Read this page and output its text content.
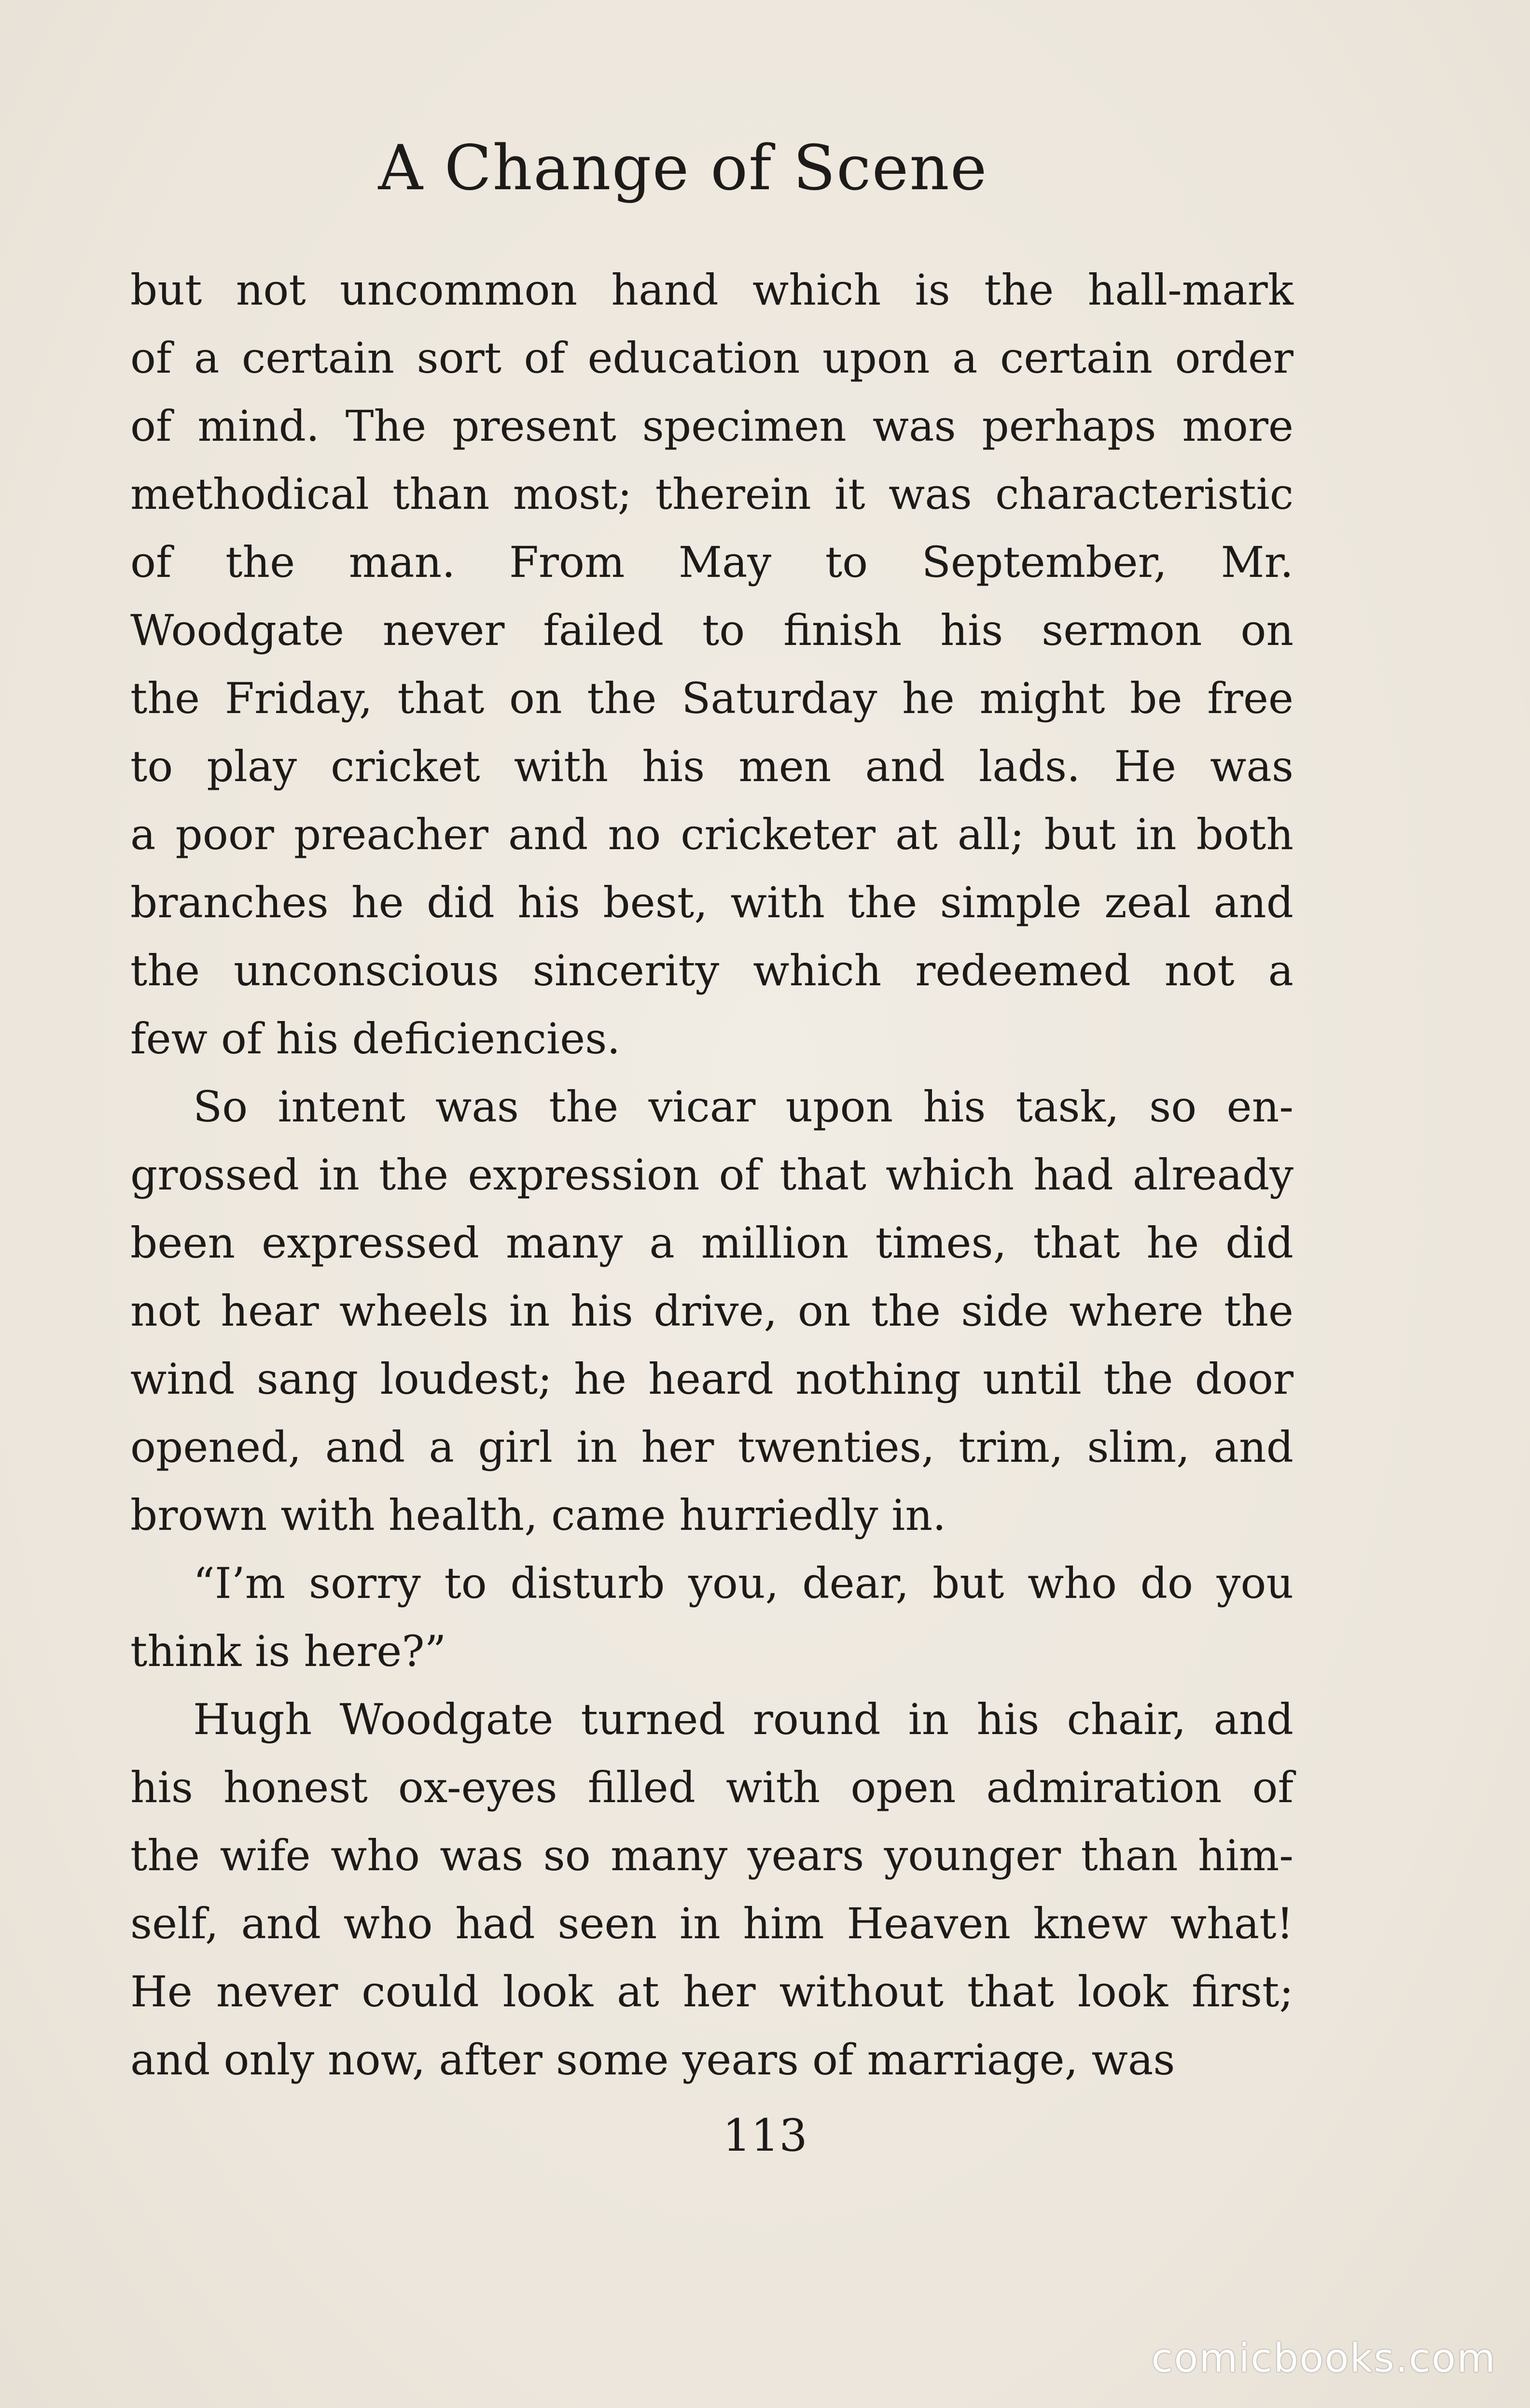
A Change of Scene

but not uncommon hand which is the hall-mark
of a certain sort of education upon a certain order
of mind. The present specimen was perhaps more
methodical than most; therein it was characteristic
of the man. From May to September, Mr.
Woodgate never failed to finish his sermon on
the Friday, that on the Saturday he might be free
to play cricket with his men and lads. He was
a poor preacher and no cricketer at all; but in both
branches he did his best, with the simple zeal and
the unconscious sincerity which redeemed not a
few of his deficiencies.

So intent was the vicar upon his task, so en-
grossed in the expression of that which had already
been expressed many a million times, that he did
not hear wheels in his drive, on the side where the
wind sang loudest; he heard nothing until the door
opened, and a girl in her twenties, trim, slim, and
brown with health, came hurriedly in.

“I’m sorry to disturb you, dear, but who do you
think is here?”

Hugh Woodgate turned round in his chair, and
his honest ox-eyes filled with open admiration of
the wife who was so many years younger than him-
self, and who had seen in him Heaven knew what!
He never could look at her without that look first;
and only now, after some years of marriage, was

113
comicbooks.com
